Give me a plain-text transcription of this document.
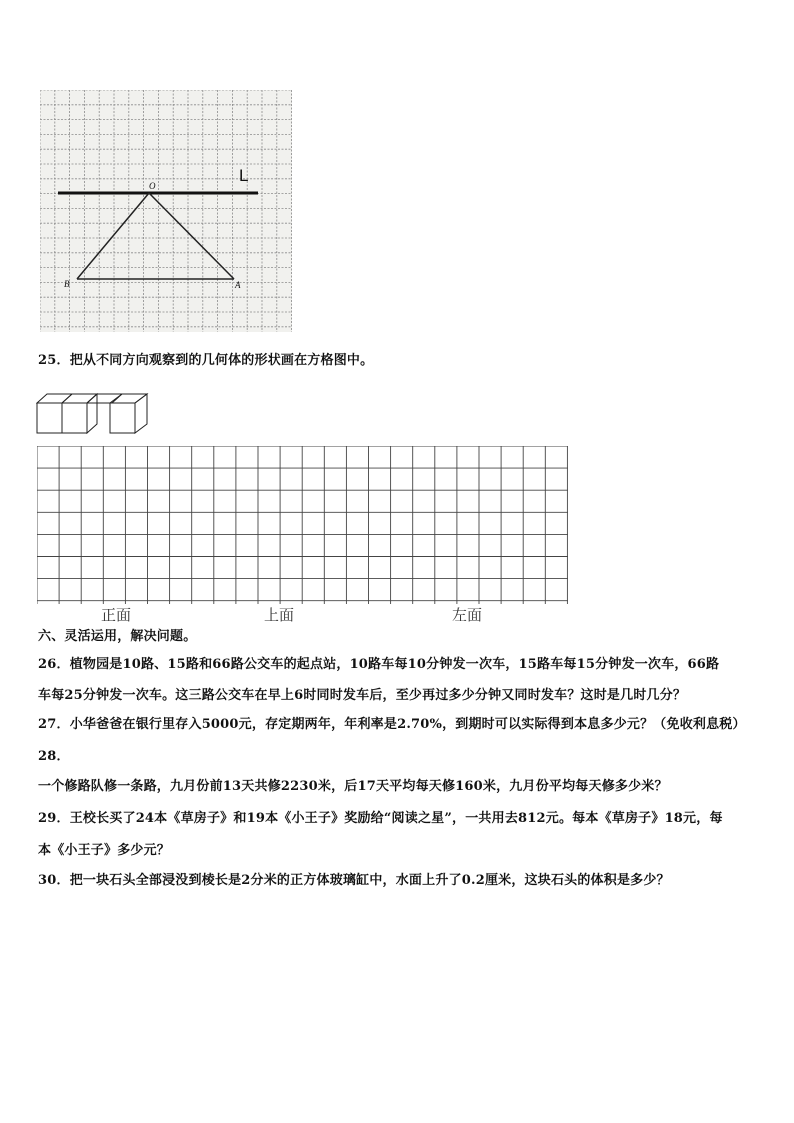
L
O
B	A
25．把从不同方向观察到的几何体的形状画在方格图中。
正面	上面	左面
六、灵活运用，解决问题。
26．植物园是10路、15路和66路公交车的起点站，10路车每10分钟发一次车，15路车每15分钟发一次车，66路
车每25分钟发一次车。这三路公交车在早上6时同时发车后，至少再过多少分钟又同时发车？这时是几时几分？
27．小华爸爸在银行里存入5000元，存定期两年，年利率是2.70%，到期时可以实际得到本息多少元？（免收利息税）
28．
一个修路队修一条路，九月份前13天共修2230米，后17天平均每天修160米，九月份平均每天修多少米？
29．王校长买了24本《草房子》和19本《小王子》奖励给“阅读之星”，一共用去812元。每本《草房子》18元，每
本《小王子》多少元？
30．把一块石头全部浸没到棱长是2分米的正方体玻璃缸中，水面上升了0.2厘米，这块石头的体积是多少？
